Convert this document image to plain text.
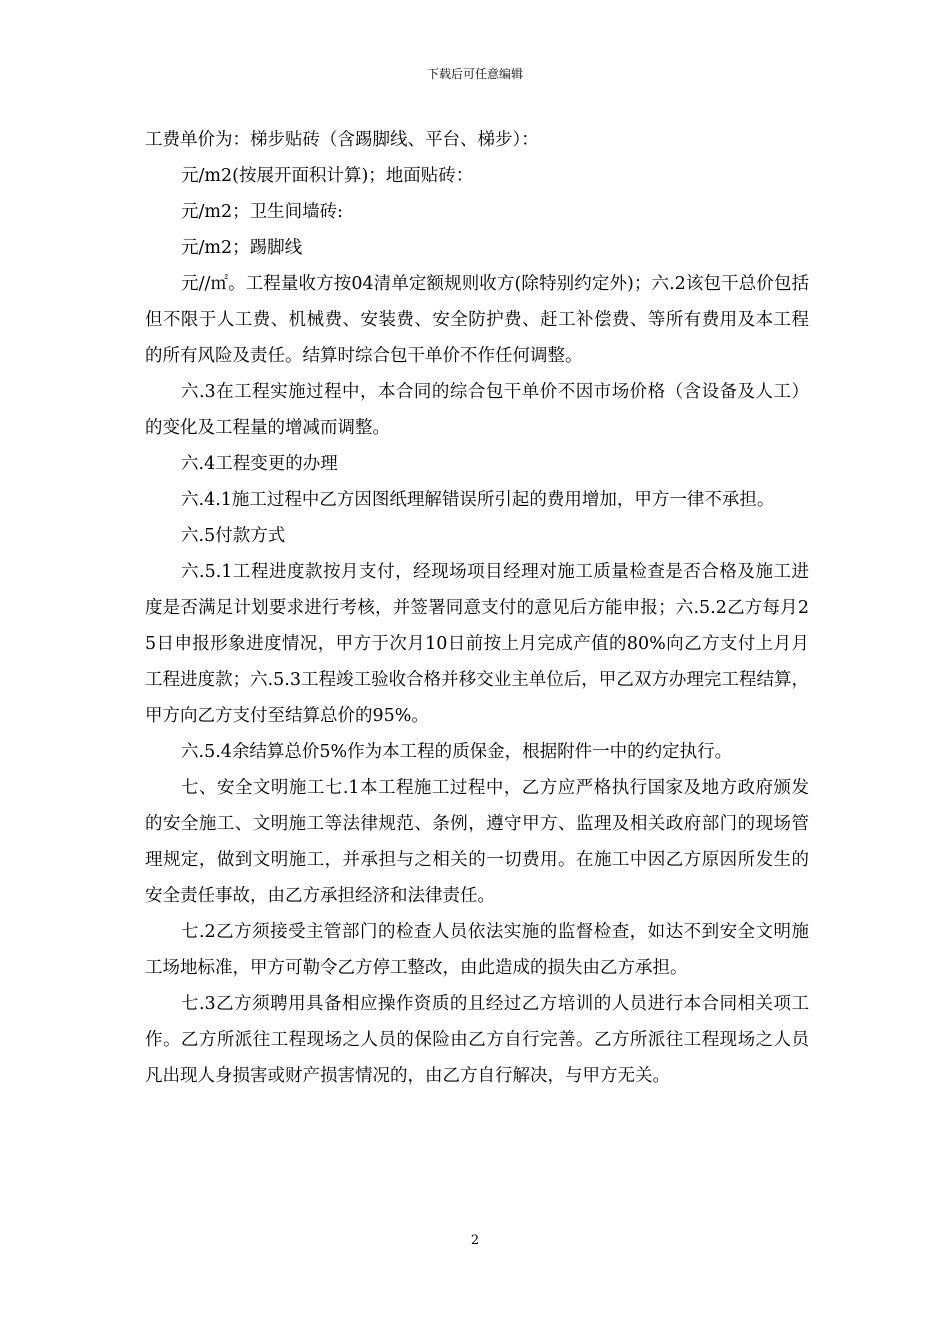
下载后可任意编辑

工费单价为：梯步贴砖（含踢脚线、平台、梯步）：

元/m2(按展开面积计算)；地面贴砖：

元/m2；卫生间墙砖:

元/m2；踢脚线

元//㎡。工程量收方按04清单定额规则收方(除特别约定外)；六.2该包干总价包括但不限于人工费、机械费、安装费、安全防护费、赶工补偿费、等所有费用及本工程的所有风险及责任。结算时综合包干单价不作任何调整。

六.3在工程实施过程中，本合同的综合包干单价不因市场价格（含设备及人工）的变化及工程量的增减而调整。

六.4工程变更的办理

六.4.1施工过程中乙方因图纸理解错误所引起的费用增加，甲方一律不承担。

六.5付款方式

六.5.1工程进度款按月支付，经现场项目经理对施工质量检查是否合格及施工进度是否满足计划要求进行考核，并签署同意支付的意见后方能申报；六.5.2乙方每月25日申报形象进度情况，甲方于次月10日前按上月完成产值的80%向乙方支付上月月工程进度款；六.5.3工程竣工验收合格并移交业主单位后，甲乙双方办理完工程结算，甲方向乙方支付至结算总价的95%。

六.5.4余结算总价5%作为本工程的质保金，根据附件一中的约定执行。

七、安全文明施工七.1本工程施工过程中，乙方应严格执行国家及地方政府颁发的安全施工、文明施工等法律规范、条例，遵守甲方、监理及相关政府部门的现场管理规定，做到文明施工，并承担与之相关的一切费用。在施工中因乙方原因所发生的安全责任事故，由乙方承担经济和法律责任。

七.2乙方须接受主管部门的检查人员依法实施的监督检查，如达不到安全文明施工场地标准，甲方可勒令乙方停工整改，由此造成的损失由乙方承担。

七.3乙方须聘用具备相应操作资质的且经过乙方培训的人员进行本合同相关项工作。乙方所派往工程现场之人员的保险由乙方自行完善。乙方所派往工程现场之人员凡出现人身损害或财产损害情况的，由乙方自行解决，与甲方无关。

2
